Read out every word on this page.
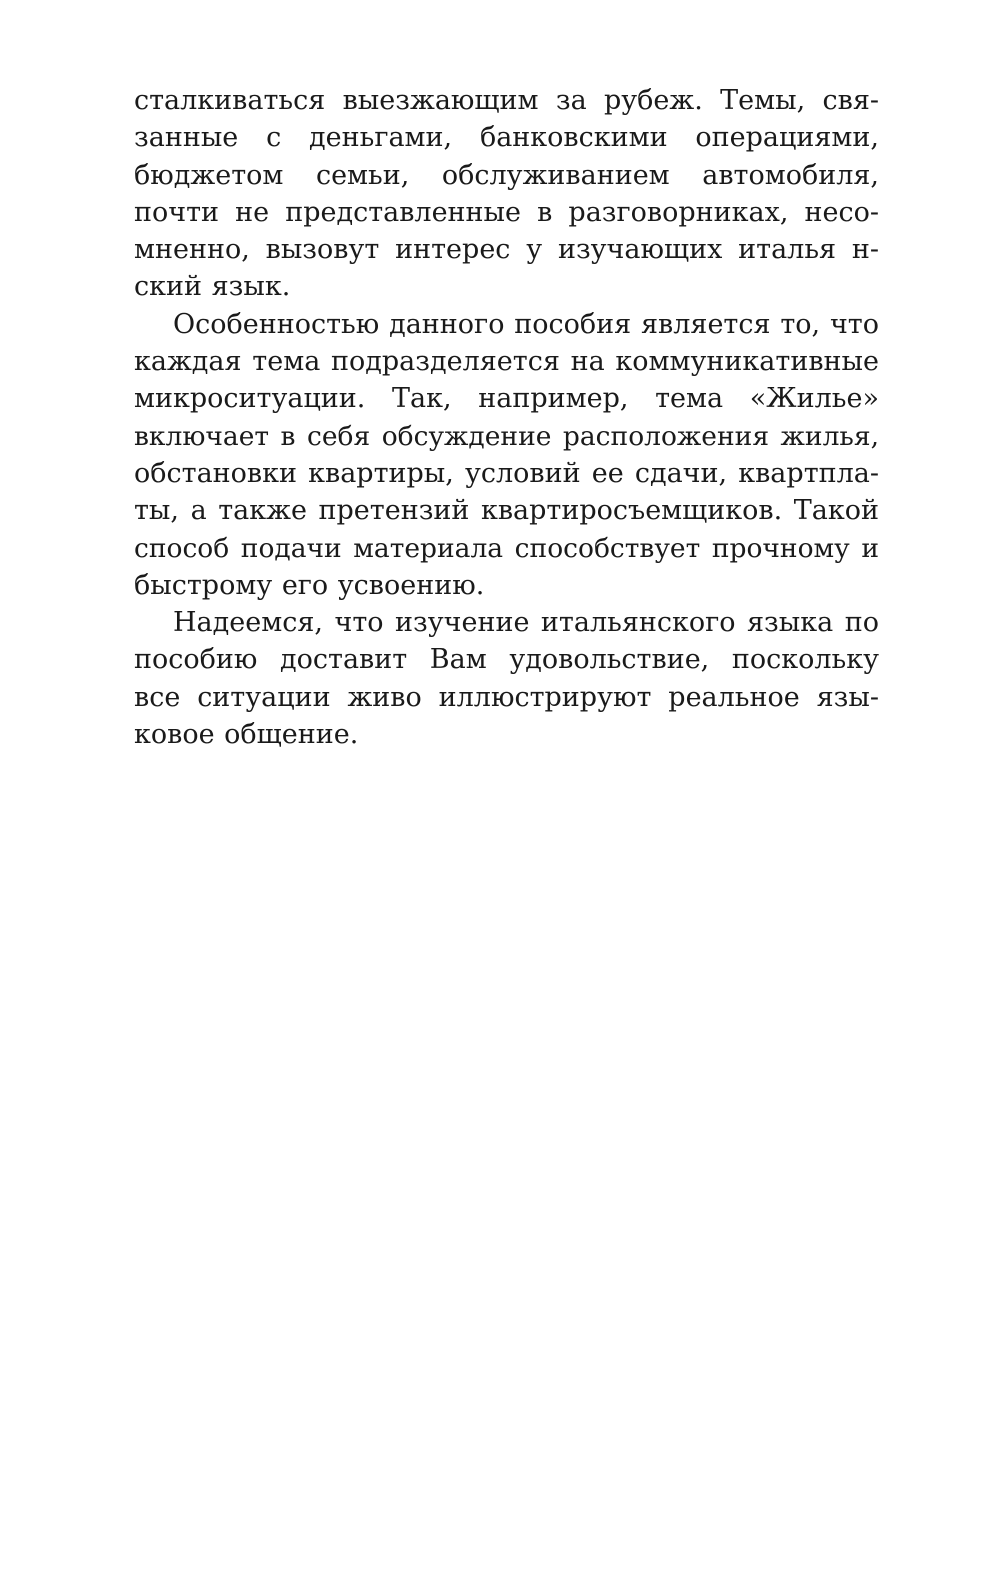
сталкиваться выезжающим за рубеж. Темы, свя-
занные с деньгами, банковскими операциями,
бюджетом семьи, обслуживанием автомобиля,
почти не представленные в разговорниках, несо-
мненно, вызовут интерес у изучающих италья н-
ский язык.
Особенностью данного пособия является то, что
каждая тема подразделяется на коммуникативные
микроситуации. Так, например, тема «Жилье»
включает в себя обсуждение расположения жилья,
обстановки квартиры, условий ее сдачи, квартпла-
ты, а также претензий квартиросъемщиков. Такой
способ подачи материала способствует прочному и
быстрому его усвоению.
Надеемся, что изучение итальянского языка по
пособию доставит Вам удовольствие, поскольку
все ситуации живо иллюстрируют реальное язы-
ковое общение.
